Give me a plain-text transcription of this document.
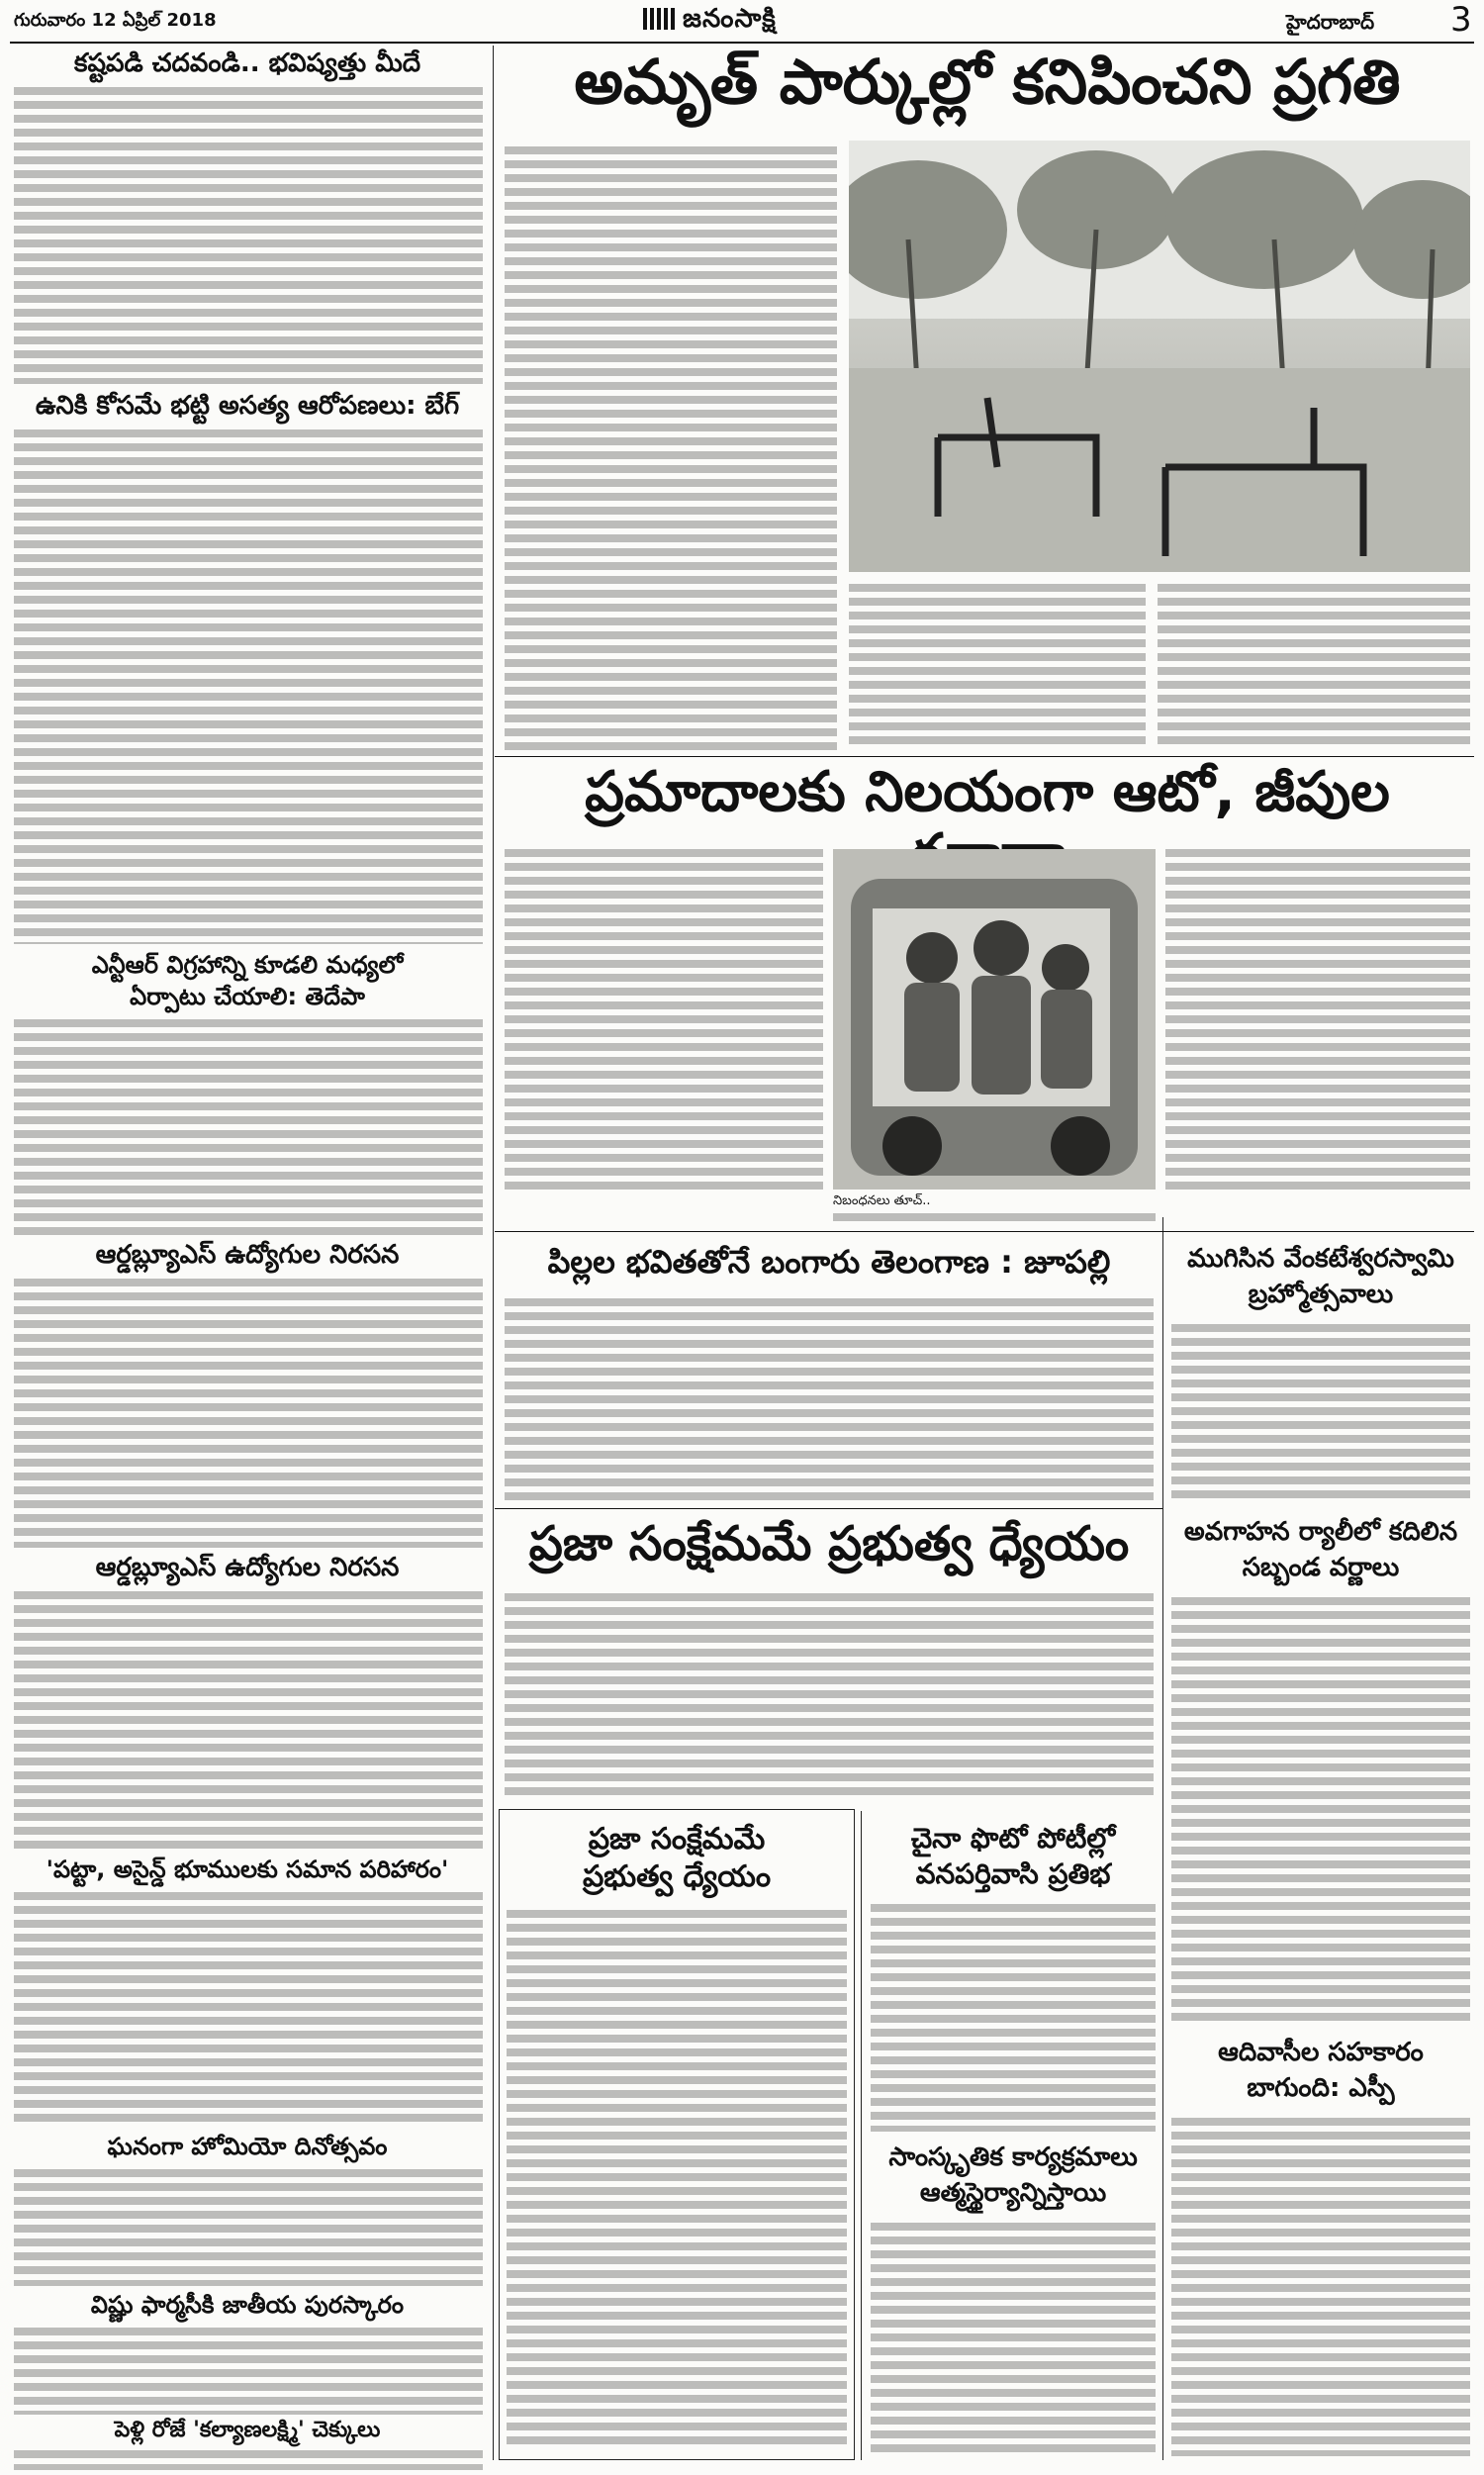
గురువారం 12 ఏప్రిల్ 2018	జనంసాక్షి	హైదరాబాద్ 3
కష్టపడి చదవండి.. భవిష్యత్తు మీదే
ఉనికి కోసమే భట్టి అసత్య ఆరోపణలు: బేగ్
ఎన్టీఆర్ విగ్రహాన్ని కూడలి మధ్యలో
ఏర్పాటు చేయాలి: తెదేపా
ఆర్డబ్ల్యూఎస్ ఉద్యోగుల నిరసన
ఆర్డబ్ల్యూఎస్ ఉద్యోగుల నిరసన
'పట్టా, అసైన్డ్ భూములకు సమాన పరిహారం'
ఘనంగా హోమియో దినోత్సవం
విష్ణు ఫార్మసీకి జాతీయ పురస్కారం
పెళ్లి రోజే 'కల్యాణలక్ష్మి' చెక్కులు
అమృత్ పార్కుల్లో కనిపించని ప్రగతి
ప్రమాదాలకు నిలయంగా ఆటో, జీపుల
నిబంధనలు తూచ్..
పిల్లల భవితతోనే బంగారు తెలంగాణ : జూపల్లి
ప్రజా సంక్షేమమే ప్రభుత్వ ధ్యేయం
ప్రజా సంక్షేమమే
ప్రభుత్వ ధ్యేయం
చైనా ఫొటో పోటీల్లో
వనపర్తివాసి ప్రతిభ
సాంస్కృతిక కార్యక్రమాలు
ఆత్మస్థైర్యాన్నిస్తాయి
ముగిసిన వేంకటేశ్వరస్వామి
బ్రహ్మోత్సవాలు
అవగాహన ర్యాలీలో కదిలిన
సబ్బండ వర్ణాలు
ఆదివాసీల సహకారం
బాగుంది: ఎస్పీ
